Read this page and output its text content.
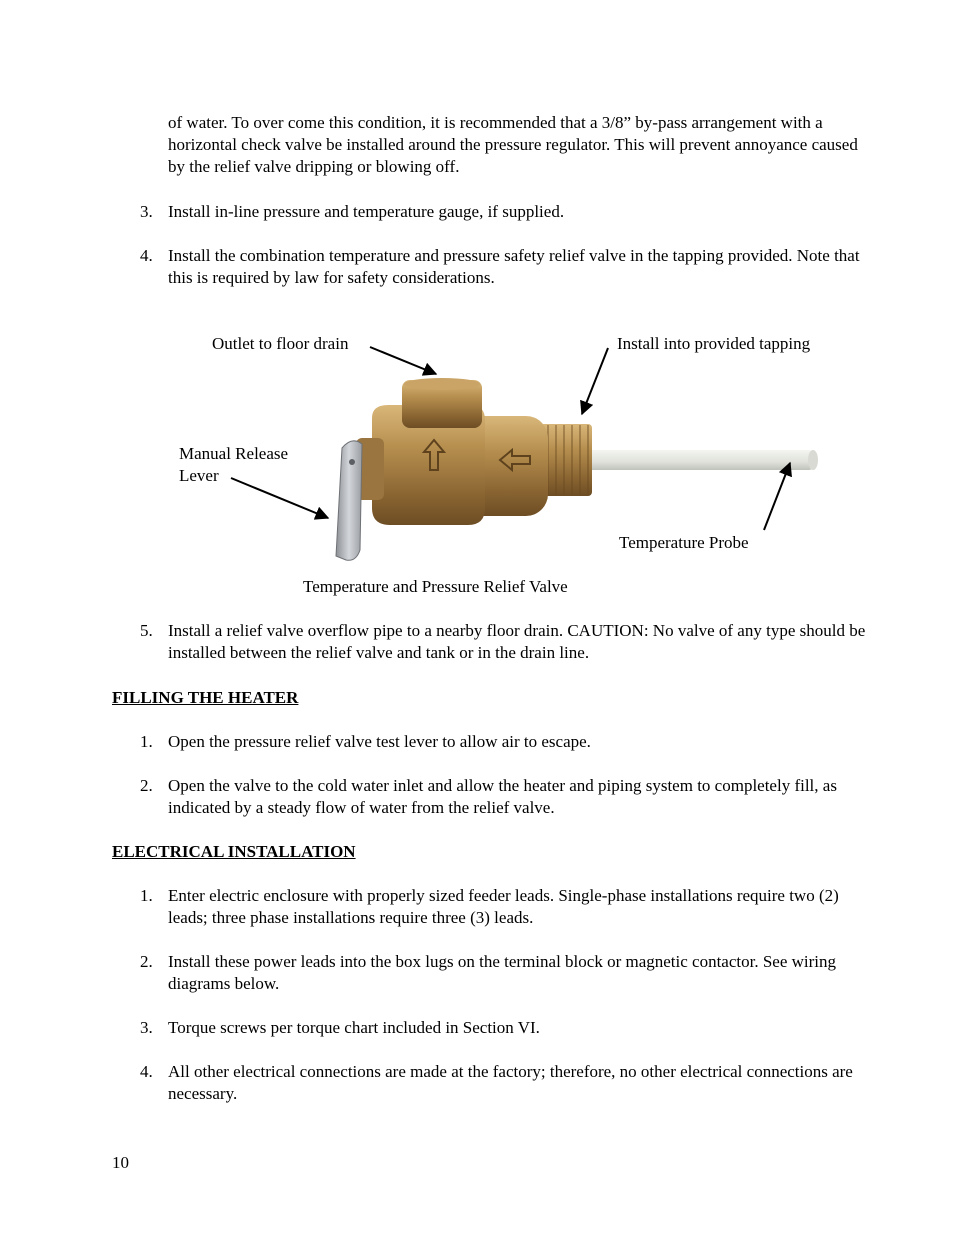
of water. To over come this condition, it is recommended that a 3/8” by-pass arrangement with a horizontal check valve be installed around the pressure regulator. This will prevent annoyance caused by the relief valve dripping or blowing off.
3. Install in-line pressure and temperature gauge, if supplied.
4. Install the combination temperature and pressure safety relief valve in the tapping provided. Note that this is required by law for safety considerations.
Outlet to floor drain	Install into provided tapping
Manual Release
Lever
Temperature Probe
Temperature and Pressure Relief Valve
5. Install a relief valve overflow pipe to a nearby floor drain. CAUTION: No valve of any type should be installed between the relief valve and tank or in the drain line.
FILLING THE HEATER
1. Open the pressure relief valve test lever to allow air to escape.
2. Open the valve to the cold water inlet and allow the heater and piping system to completely fill, as indicated by a steady flow of water from the relief valve.
ELECTRICAL INSTALLATION
1. Enter electric enclosure with properly sized feeder leads. Single-phase installations require two (2) leads; three phase installations require three (3) leads.
2. Install these power leads into the box lugs on the terminal block or magnetic contactor. See wiring diagrams below.
3. Torque screws per torque chart included in Section VI.
4. All other electrical connections are made at the factory; therefore, no other electrical connections are necessary.
10
